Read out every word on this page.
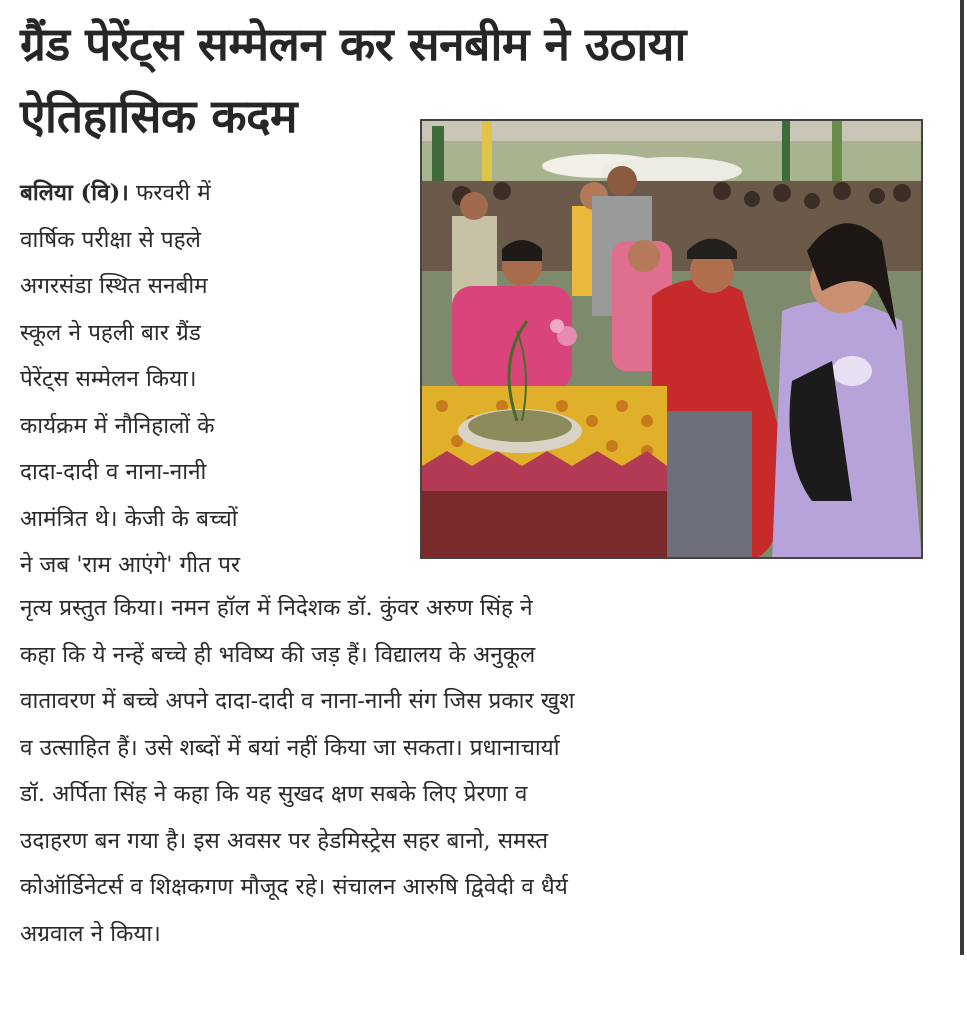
ग्रैंड पेरेंट्स सम्मेलन कर सनबीम ने उठाया
ऐतिहासिक कदम
बलिया (वि)। फरवरी में
वार्षिक परीक्षा से पहले
अगरसंडा स्थित सनबीम
स्कूल ने पहली बार ग्रैंड
पेरेंट्स सम्मेलन किया।
कार्यक्रम में नौनिहालों के
दादा-दादी व नाना-नानी
आमंत्रित थे। केजी के बच्चों
ने जब 'राम आएंगे' गीत पर
नृत्य प्रस्तुत किया। नमन हॉल में निदेशक डॉ. कुंवर अरुण सिंह ने
कहा कि ये नन्हें बच्चे ही भविष्य की जड़ हैं। विद्यालय के अनुकूल
वातावरण में बच्चे अपने दादा-दादी व नाना-नानी संग जिस प्रकार खुश
व उत्साहित हैं। उसे शब्दों में बयां नहीं किया जा सकता। प्रधानाचार्या
डॉ. अर्पिता सिंह ने कहा कि यह सुखद क्षण सबके लिए प्रेरणा व
उदाहरण बन गया है। इस अवसर पर हेडमिस्ट्रेस सहर बानो, समस्त
कोऑर्डिनेटर्स व शिक्षकगण मौजूद रहे। संचालन आरुषि द्विवेदी व धैर्य
अग्रवाल ने किया।
